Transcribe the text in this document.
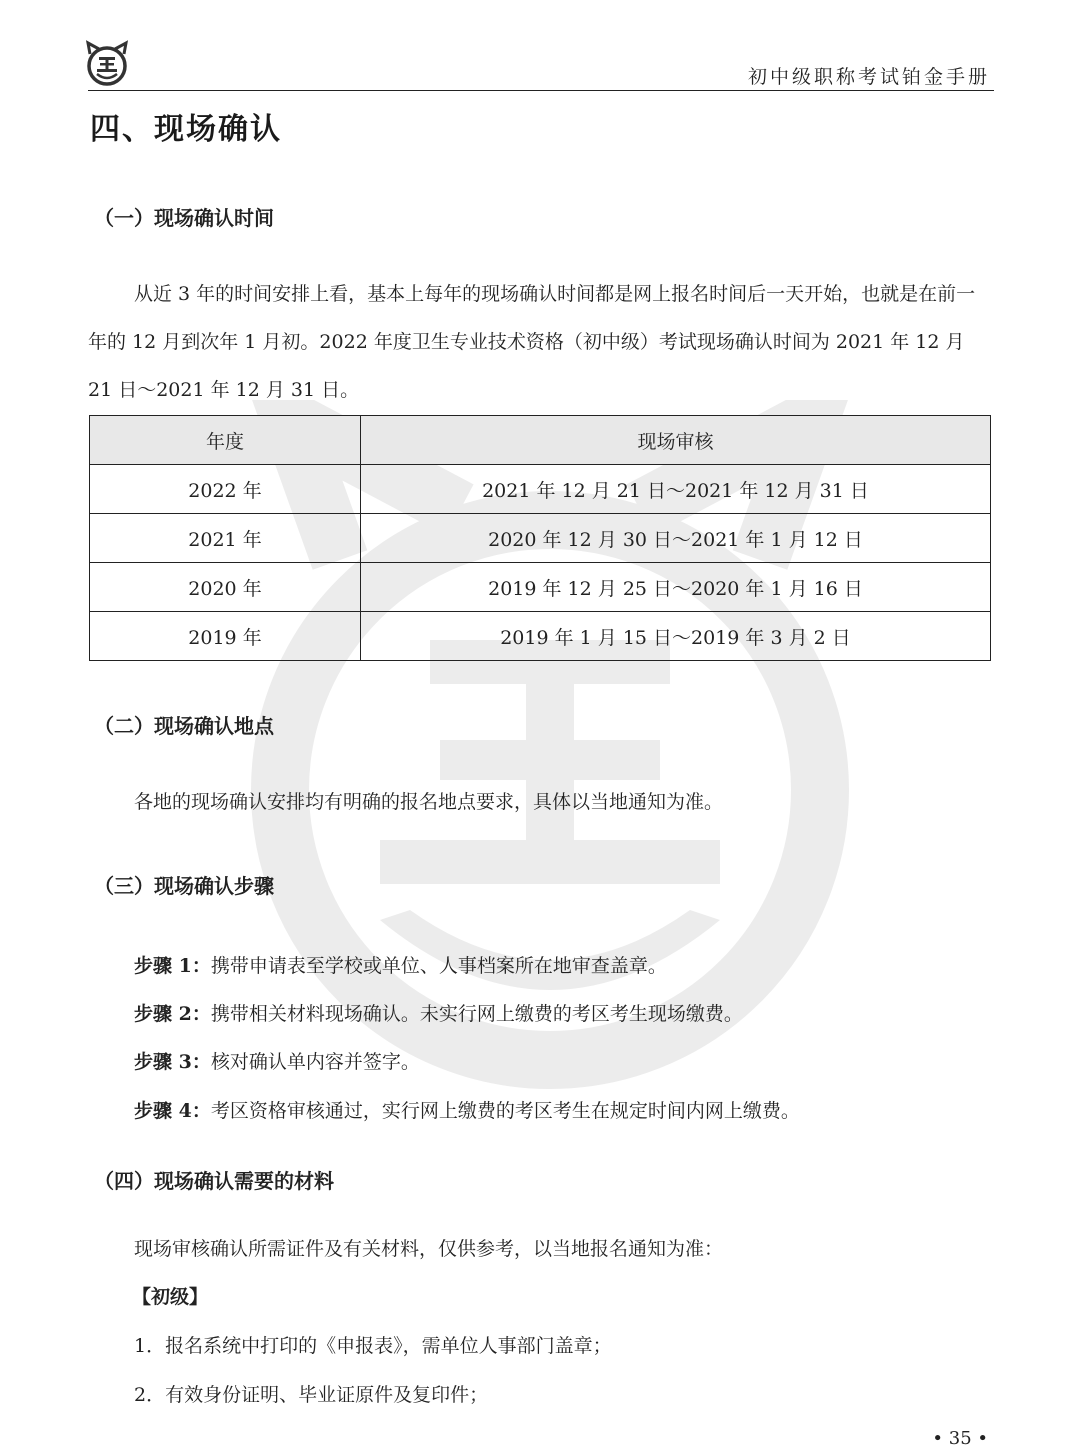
初中级职称考试铂金手册
四、现场确认
（一）现场确认时间
从近 3 年的时间安排上看，基本上每年的现场确认时间都是网上报名时间后一天开始，也就是在前一年的 12 月到次年 1 月初。2022 年度卫生专业技术资格（初中级）考试现场确认时间为 2021 年 12 月 21 日～2021 年 12 月 31 日。
年度	现场审核
2022 年	2021 年 12 月 21 日～2021 年 12 月 31 日
2021 年	2020 年 12 月 30 日～2021 年 1 月 12 日
2020 年	2019 年 12 月 25 日～2020 年 1 月 16 日
2019 年	2019 年 1 月 15 日～2019 年 3 月 2 日
（二）现场确认地点
各地的现场确认安排均有明确的报名地点要求，具体以当地通知为准。
（三）现场确认步骤
步骤 1：携带申请表至学校或单位、人事档案所在地审查盖章。
步骤 2：携带相关材料现场确认。未实行网上缴费的考区考生现场缴费。
步骤 3：核对确认单内容并签字。
步骤 4：考区资格审核通过，实行网上缴费的考区考生在规定时间内网上缴费。
（四）现场确认需要的材料
现场审核确认所需证件及有关材料，仅供参考，以当地报名通知为准：
【初级】
1．报名系统中打印的《申报表》，需单位人事部门盖章；
2．有效身份证明、毕业证原件及复印件；
• 35 •
